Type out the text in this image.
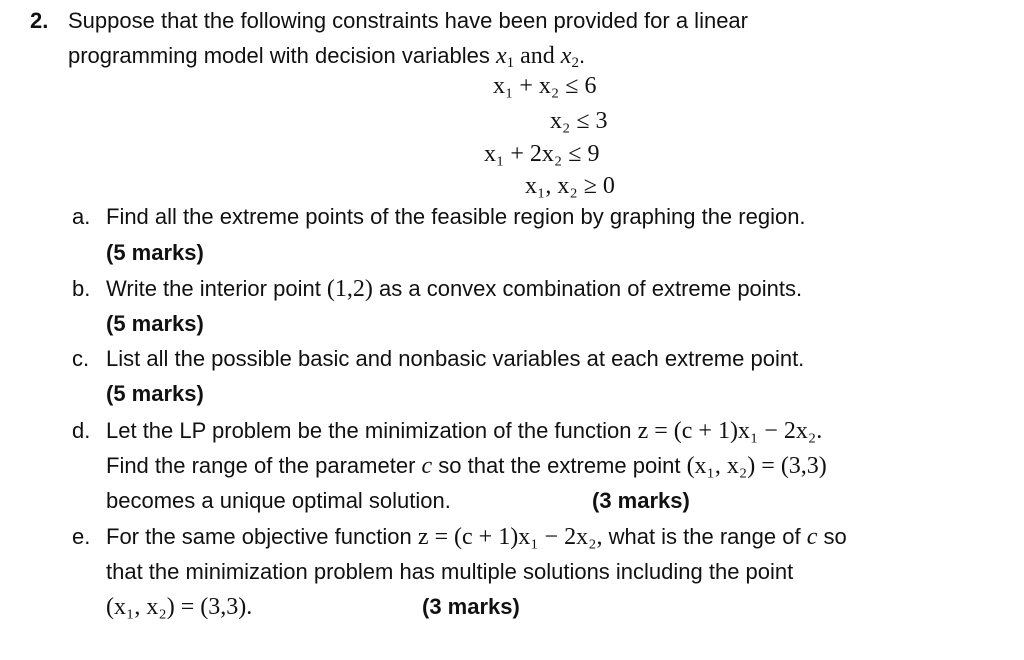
2. Suppose that the following constraints have been provided for a linear
programming model with decision variables $x_1$ and $x_2$.
x₁ + x₂ ≤ 6
x₂ ≤ 3
x₁ + 2x₂ ≤ 9
x₁, x₂ ≥ 0
a. Find all the extreme points of the feasible region by graphing the region.
(5 marks)
b. Write the interior point (1,2) as a convex combination of extreme points.
(5 marks)
c. List all the possible basic and nonbasic variables at each extreme point.
(5 marks)
d. Let the LP problem be the minimization of the function z = (c + 1)x₁ − 2x₂.
Find the range of the parameter c so that the extreme point (x₁, x₂) = (3,3)
becomes a unique optimal solution.	(3 marks)
e. For the same objective function z = (c + 1)x₁ − 2x₂, what is the range of c so
that the minimization problem has multiple solutions including the point
(x₁, x₂) = (3,3).	(3 marks)
